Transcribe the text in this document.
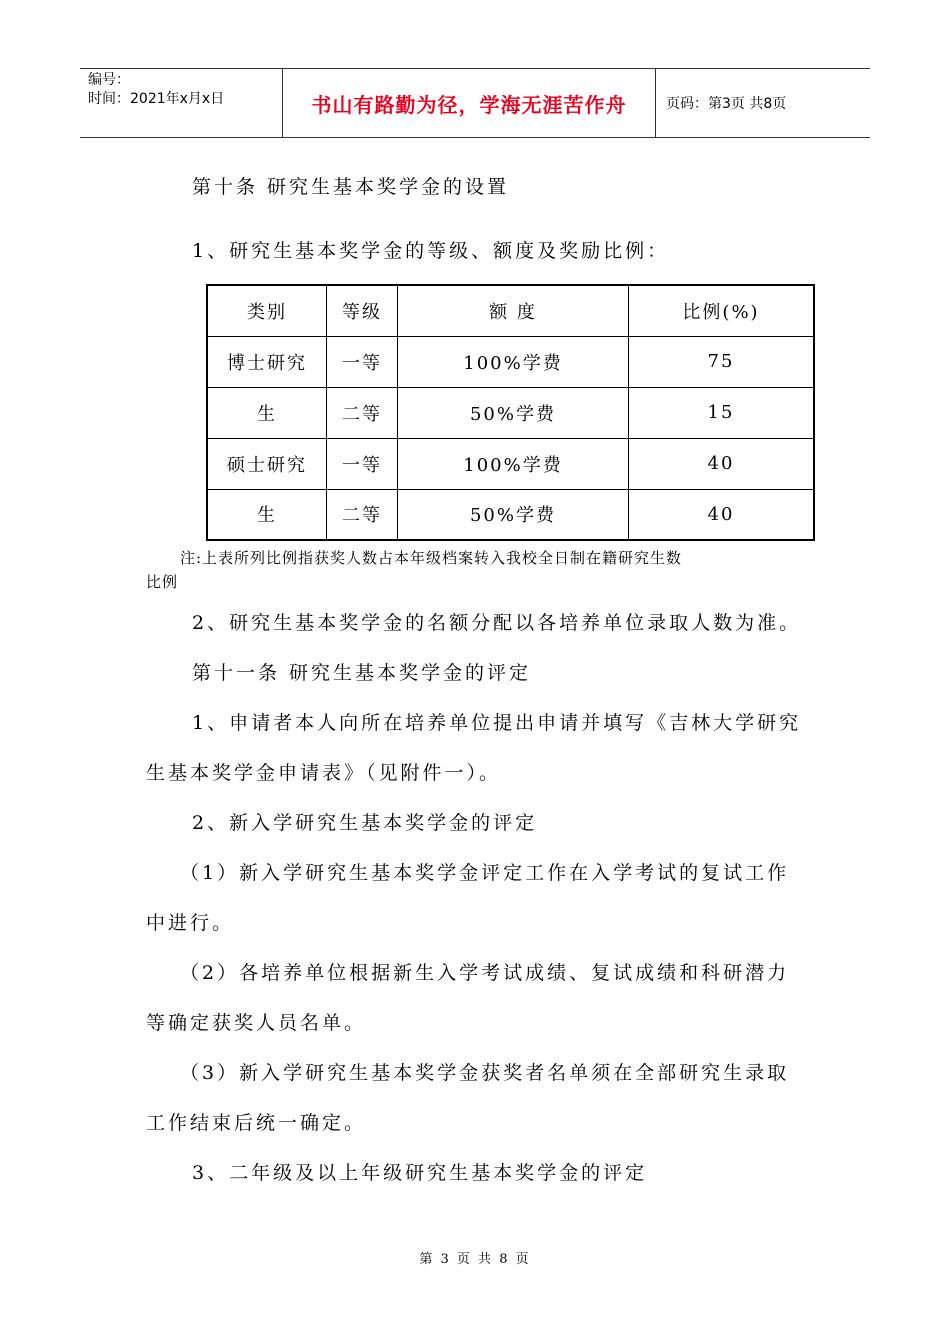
编号：
时间：2021年x月x日	书山有路勤为径，学海无涯苦作舟	页码：第3页 共8页
第十条 研究生基本奖学金的设置
1、研究生基本奖学金的等级、额度及奖励比例：
类别	等级	额 度	比例(%)
博士研究	一等	100%学费	75
生	二等	50%学费	15
硕士研究	一等	100%学费	40
生	二等	50%学费	40
注:上表所列比例指获奖人数占本年级档案转入我校全日制在籍研究生数
比例
2、研究生基本奖学金的名额分配以各培养单位录取人数为准。
第十一条 研究生基本奖学金的评定
1、申请者本人向所在培养单位提出申请并填写《吉林大学研究
生基本奖学金申请表》（见附件一）。
2、新入学研究生基本奖学金的评定
（1）新入学研究生基本奖学金评定工作在入学考试的复试工作
中进行。
（2）各培养单位根据新生入学考试成绩、复试成绩和科研潜力
等确定获奖人员名单。
（3）新入学研究生基本奖学金获奖者名单须在全部研究生录取
工作结束后统一确定。
3、二年级及以上年级研究生基本奖学金的评定
第 3 页 共 8 页
